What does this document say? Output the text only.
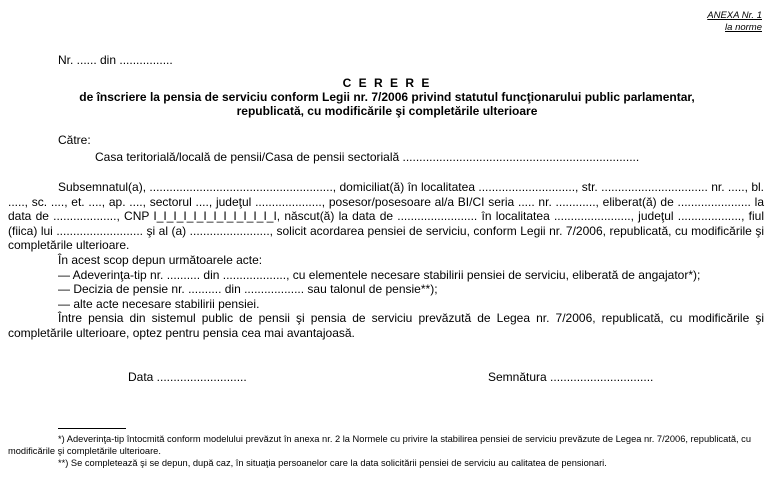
ANEXA Nr. 1
la norme
Nr. ...... din ................
C E R E R E
de înscriere la pensia de serviciu conform Legii nr. 7/2006 privind statutul funcţionarului public parlamentar,
republicată, cu modificările şi completările ulterioare
Către:
Casa teritorială/locală de pensii/Casa de pensii sectorială .......................................................................

Subsemnatul(a), ......................................................., domiciliat(ă) în localitatea ............................., str. ................................ nr. ....., bl. ....., sc. ...., et. ...., ap. ...., sectorul ...., judeţul ...................., posesor/posesoare al/a BI/CI seria ..... nr. ............, eliberat(ă) de ...................... la data de ..................., CNP I_I_I_I_I_I_I_I_I_I_I_I_I, născut(ă) la data de ........................ în localitatea ......................., judeţul ..................., fiul (fiica) lui .......................... şi al (a) ........................, solicit acordarea pensiei de serviciu, conform Legii nr. 7/2006, republicată, cu modificările şi completările ulterioare.

În acest scop depun următoarele acte:

— Adeverinţa-tip nr. .......... din ..................., cu elementele necesare stabilirii pensiei de serviciu, eliberată de angajator*);

— Decizia de pensie nr. .......... din .................. sau talonul de pensie**);

— alte acte necesare stabilirii pensiei.

Între pensia din sistemul public de pensii şi pensia de serviciu prevăzută de Legea nr. 7/2006, republicată, cu modificările şi completările ulterioare, optez pentru pensia cea mai avantajoasă.

Data ...........................	Semnătura ...............................

*) Adeverinţa-tip întocmită conform modelului prevăzut în anexa nr. 2 la Normele cu privire la stabilirea pensiei de serviciu prevăzute de Legea nr. 7/2006, republicată, cu modificările şi completările ulterioare.

**) Se completează şi se depun, după caz, în situaţia persoanelor care la data solicitării pensiei de serviciu au calitatea de pensionari.
